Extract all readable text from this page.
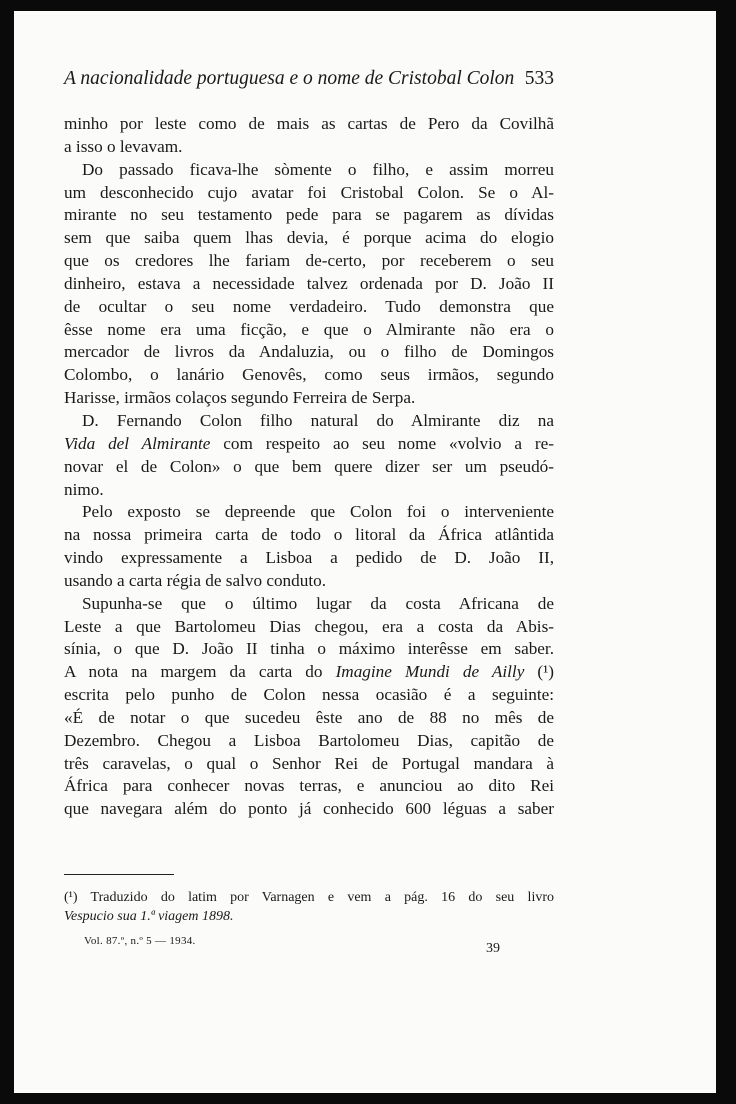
A nacionalidade portuguesa e o nome de Cristobal Colon 533
minho por leste como de mais as cartas de Pero da Covilhã
a isso o levavam.
Do passado ficava-lhe sòmente o filho, e assim morreu
um desconhecido cujo avatar foi Cristobal Colon. Se o Al-
mirante no seu testamento pede para se pagarem as dívidas
sem que saiba quem lhas devia, é porque acima do elogio
que os credores lhe fariam de-certo, por receberem o seu
dinheiro, estava a necessidade talvez ordenada por D. João II
de ocultar o seu nome verdadeiro. Tudo demonstra que
êsse nome era uma ficção, e que o Almirante não era o
mercador de livros da Andaluzia, ou o filho de Domingos
Colombo, o lanário Genovês, como seus irmãos, segundo
Harisse, irmãos colaços segundo Ferreira de Serpa.
D. Fernando Colon filho natural do Almirante diz na
Vida del Almirante com respeito ao seu nome «volvio a re-
novar el de Colon» o que bem quere dizer ser um pseudó-
nimo.
Pelo exposto se depreende que Colon foi o interveniente
na nossa primeira carta de todo o litoral da África atlântida
vindo expressamente a Lisboa a pedido de D. João II,
usando a carta régia de salvo conduto.
Supunha-se que o último lugar da costa Africana de
Leste a que Bartolomeu Dias chegou, era a costa da Abis-
sínia, o que D. João II tinha o máximo interêsse em saber.
A nota na margem da carta do Imagine Mundi de Ailly (¹)
escrita pelo punho de Colon nessa ocasião é a seguinte:
«É de notar o que sucedeu êste ano de 88 no mês de
Dezembro. Chegou a Lisboa Bartolomeu Dias, capitão de
três caravelas, o qual o Senhor Rei de Portugal mandara à
África para conhecer novas terras, e anunciou ao dito Rei
que navegara além do ponto já conhecido 600 léguas a saber
(¹) Traduzido do latim por Varnagen e vem a pág. 16 do seu livro
Vespucio sua 1.ª viagem 1898.
Vol. 87.º, n.º 5 — 1934.	39
